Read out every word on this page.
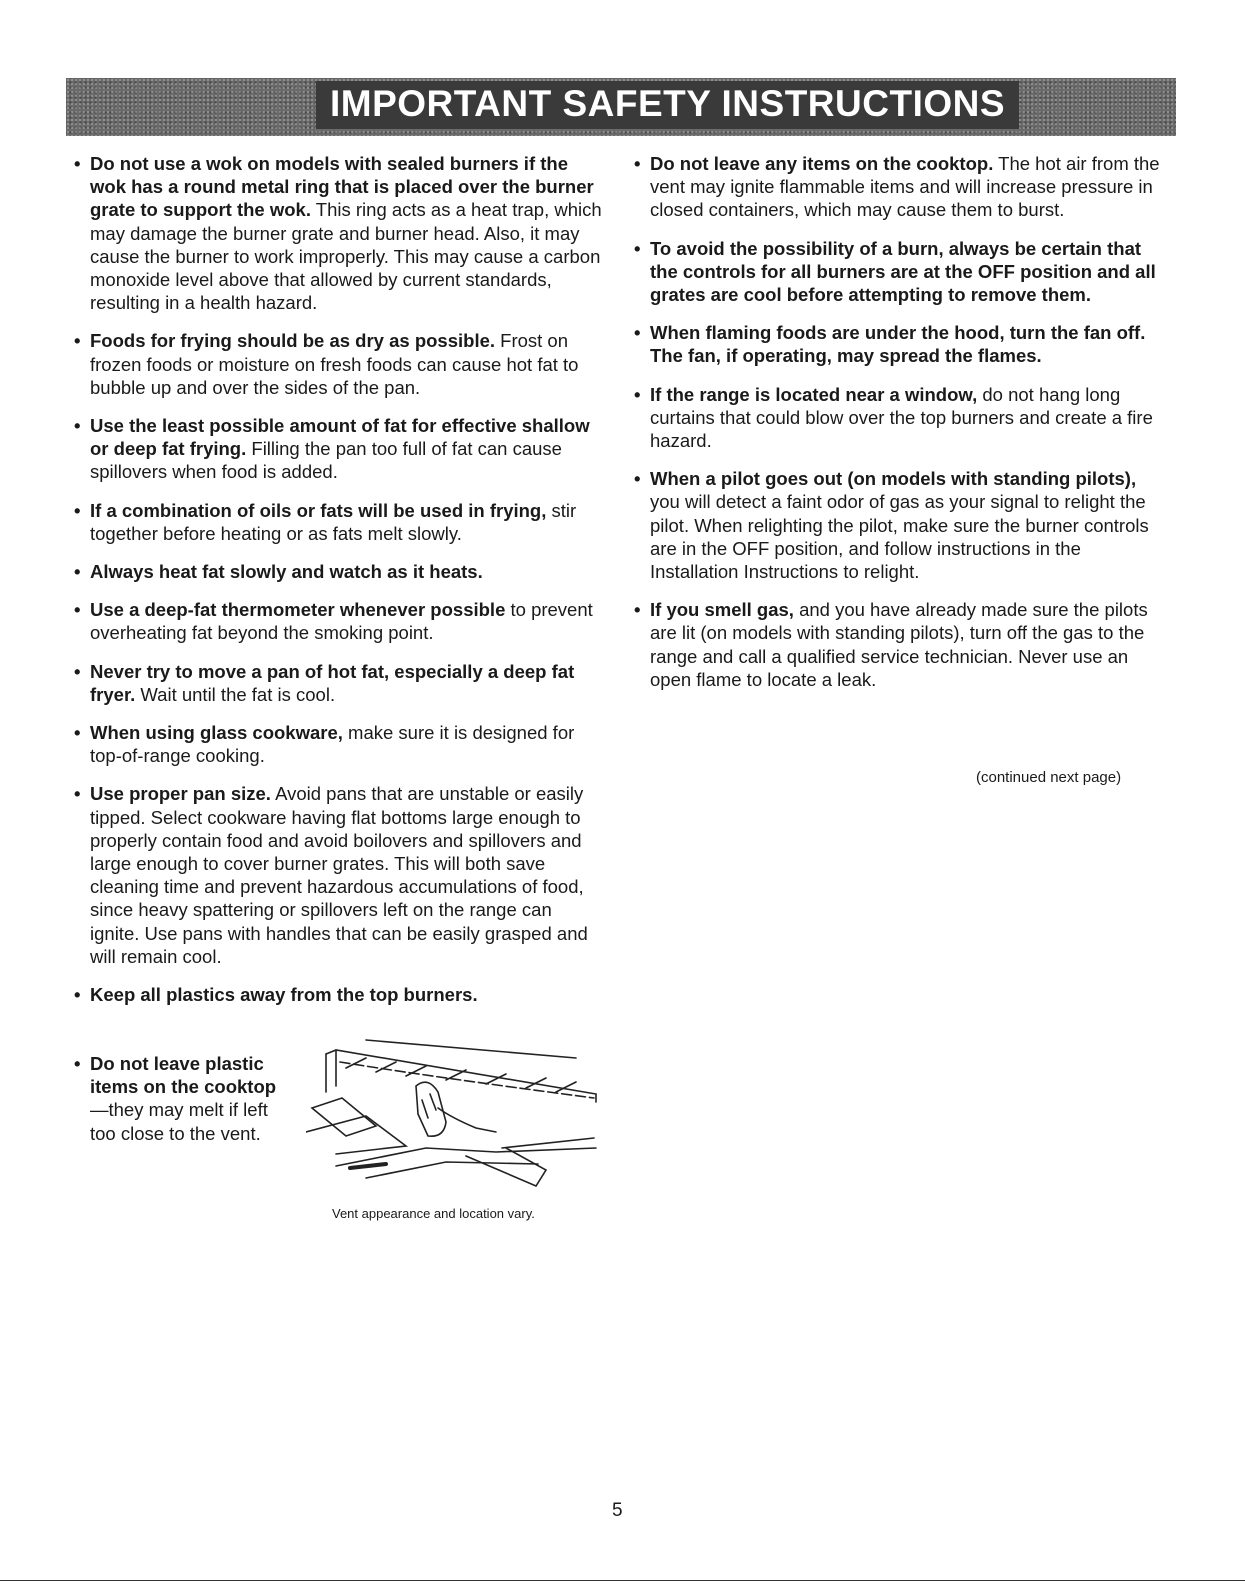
IMPORTANT SAFETY INSTRUCTIONS
• Do not use a wok on models with sealed burners if the wok has a round metal ring that is placed over the burner grate to support the wok. This ring acts as a heat trap, which may damage the burner grate and burner head. Also, it may cause the burner to work improperly. This may cause a carbon monoxide level above that allowed by current standards, resulting in a health hazard.
• Foods for frying should be as dry as possible. Frost on frozen foods or moisture on fresh foods can cause hot fat to bubble up and over the sides of the pan.
• Use the least possible amount of fat for effective shallow or deep fat frying. Filling the pan too full of fat can cause spillovers when food is added.
• If a combination of oils or fats will be used in frying, stir together before heating or as fats melt slowly.
• Always heat fat slowly and watch as it heats.
• Use a deep-fat thermometer whenever possible to prevent overheating fat beyond the smoking point.
• Never try to move a pan of hot fat, especially a deep fat fryer. Wait until the fat is cool.
• When using glass cookware, make sure it is designed for top-of-range cooking.
• Use proper pan size. Avoid pans that are unstable or easily tipped. Select cookware having flat bottoms large enough to properly contain food and avoid boilovers and spillovers and large enough to cover burner grates. This will both save cleaning time and prevent hazardous accumulations of food, since heavy spattering or spillovers left on the range can ignite. Use pans with handles that can be easily grasped and will remain cool.
• Keep all plastics away from the top burners.
• Do not leave plastic items on the cooktop—they may melt if left too close to the vent.
Vent appearance and location vary.
• Do not leave any items on the cooktop. The hot air from the vent may ignite flammable items and will increase pressure in closed containers, which may cause them to burst.
• To avoid the possibility of a burn, always be certain that the controls for all burners are at the OFF position and all grates are cool before attempting to remove them.
• When flaming foods are under the hood, turn the fan off. The fan, if operating, may spread the flames.
• If the range is located near a window, do not hang long curtains that could blow over the top burners and create a fire hazard.
• When a pilot goes out (on models with standing pilots), you will detect a faint odor of gas as your signal to relight the pilot. When relighting the pilot, make sure the burner controls are in the OFF position, and follow instructions in the Installation Instructions to relight.
• If you smell gas, and you have already made sure the pilots are lit (on models with standing pilots), turn off the gas to the range and call a qualified service technician. Never use an open flame to locate a leak.
(continued next page)
5
